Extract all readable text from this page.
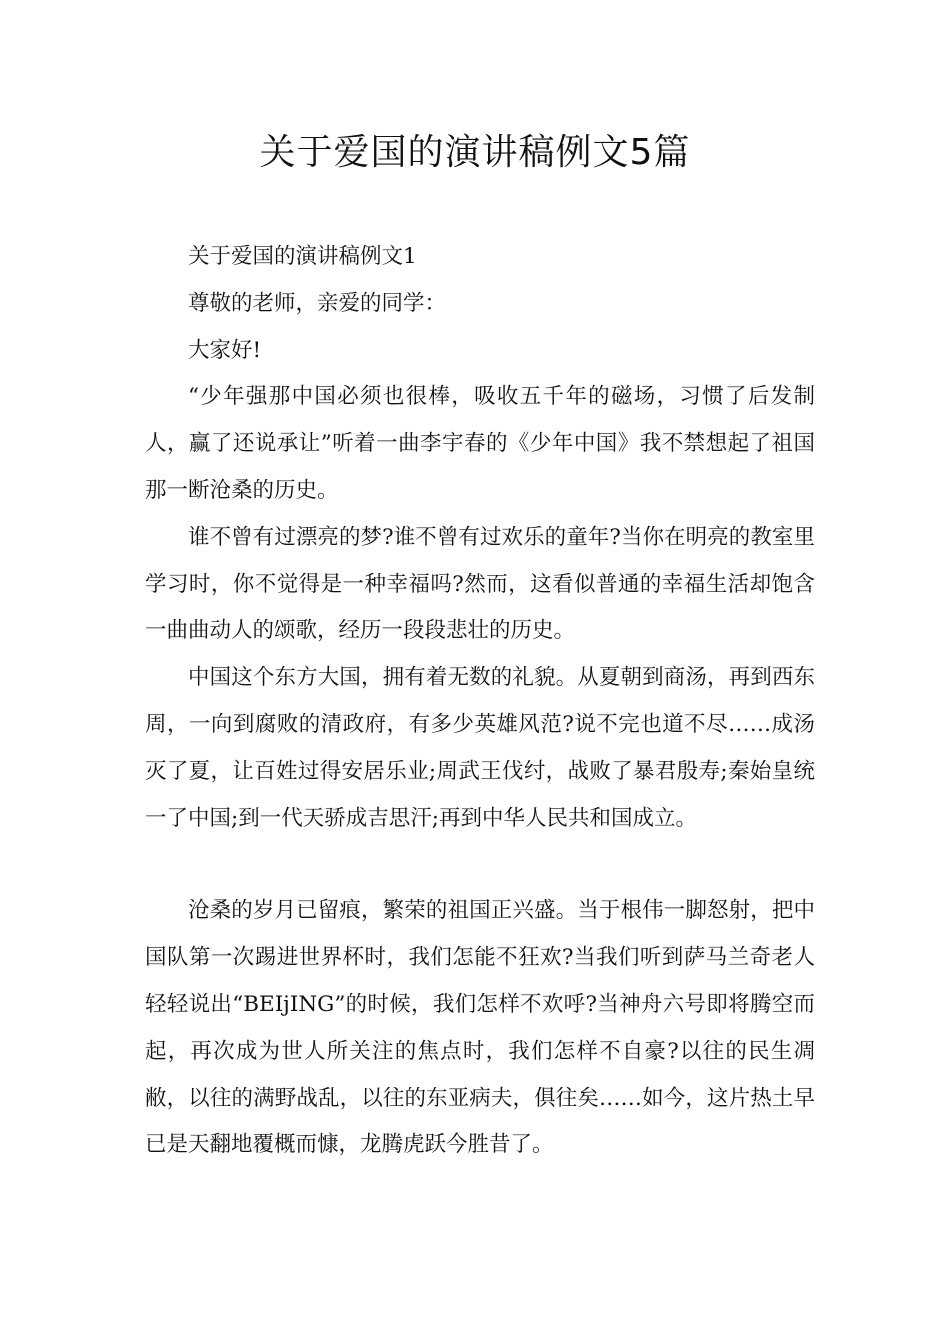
关于爱国的演讲稿例文5篇

关于爱国的演讲稿例文1

尊敬的老师，亲爱的同学：

大家好!

“少年强那中国必须也很棒，吸收五千年的磁场，习惯了后发制人，赢了还说承让”听着一曲李宇春的《少年中国》我不禁想起了祖国那一断沧桑的历史。

谁不曾有过漂亮的梦?谁不曾有过欢乐的童年?当你在明亮的教室里学习时，你不觉得是一种幸福吗?然而，这看似普通的幸福生活却饱含一曲曲动人的颂歌，经历一段段悲壮的历史。

中国这个东方大国，拥有着无数的礼貌。从夏朝到商汤，再到西东周，一向到腐败的清政府，有多少英雄风范?说不完也道不尽……成汤灭了夏，让百姓过得安居乐业;周武王伐纣，战败了暴君殷寿;秦始皇统一了中国;到一代天骄成吉思汗;再到中华人民共和国成立。

沧桑的岁月已留痕，繁荣的祖国正兴盛。当于根伟一脚怒射，把中国队第一次踢进世界杯时，我们怎能不狂欢?当我们听到萨马兰奇老人轻轻说出“BEIjING”的时候，我们怎样不欢呼?当神舟六号即将腾空而起，再次成为世人所关注的焦点时，我们怎样不自豪?以往的民生凋敝，以往的满野战乱，以往的东亚病夫，俱往矣……如今，这片热土早已是天翻地覆概而慷，龙腾虎跃今胜昔了。
